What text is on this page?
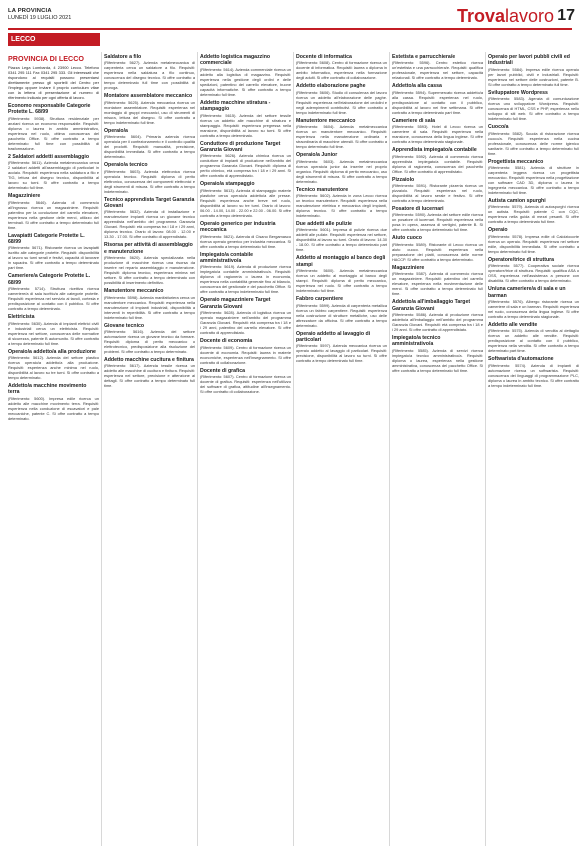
LA PROVINCIA
LUNEDÌ 19 LUGLIO 2021	Trovalavoro 17
LECCO
PROVINCIA DI LECCO
Piazza Lega Lombarda, 4 23900 Lecco. Telefono 0341 295 111 Fax 0341 295 333. Gli interessati che rispondono ai requisiti possono presentarsi direttamente presso gli sportelli del Centro per l'impiego oppure inviare il proprio curriculum vitae con la lettera di presentazione al numero di riferimento indicato per ogni offerta di lavoro.
Economo responsabile Categorie Protette L. 68/99

(Riferimento: 5938). Struttura residenziale per anziani ricerca un economo responsabile. Requisiti: diploma o laurea in ambito amministrativo, esperienza nel ruolo, ottima conoscenza del pacchetto Office. Si offre contratto a tempo determinato full time con possibilità di trasformazione.

2 Saldatori addetti assemblaggio

(Riferimento: 5611). Azienda metalmeccanica cerca 2 saldatori addetti all'assemblaggio di particolari in acciaio. Requisiti: esperienza nella saldatura a filo e TIG, lettura del disegno tecnico, disponibilità al lavoro su turni. Si offre contratto a tempo determinato full time.

Magazziniere

(Riferimento: 5646). Azienda di commercio all'ingrosso ricerca un magazziniere. Requisiti: patentino per la conduzione del carrello elevatore, esperienza nella gestione delle merci, utilizzo dei terminali. Si offre contratto a tempo determinato full time.

Lavapiatti Categorie Protette L. 68/99

(Riferimento: 5671). Ristorante ricerca un lavapiatti iscritto alle categorie protette. Requisiti: disponibilità al lavoro su turni serali e festivi, capacità di lavorare in squadra. Si offre contratto a tempo determinato part time.

Cameriere/a Categorie Protette L. 68/99

(Riferimento: 5714). Struttura ricettiva ricerca cameriere/a di sala iscritto/a alle categorie protette. Requisiti: esperienza nel servizio ai tavoli, cortesia e predisposizione al contatto con il pubblico. Si offre contratto a tempo determinato.

Elettricista

(Riferimento: 5630). Azienda di impianti elettrici civili e industriali cerca un elettricista. Requisiti: esperienza nel settore, conoscenza delle normative di sicurezza, patente B automunito. Si offre contratto a tempo determinato full time.

Operaio/a addetto/a alla produzione

(Riferimento: 5612). Azienda del settore plastico ricerca operaio/a addetto/a alla produzione. Requisiti: esperienza anche minima nel ruolo, disponibilità al lavoro su tre turni. Si offre contratto a tempo determinato.

Addetto/a macchine movimento terra

(Riferimento: 5600). Impresa edile ricerca un addetto alle macchine movimento terra. Requisiti: esperienza nella conduzione di escavatori e pale meccaniche, patente C. Si offre contratto a tempo determinato.

Saldatore a filo

(Riferimento: 5627). Azienda metalmeccanica di carpenteria cerca un saldatore a filo. Requisiti: esperienza nella saldatura a filo continuo, conoscenza del disegno tecnico. Si offre contratto a tempo determinato full time con possibilità di proroga.

Montatore assemblatore meccanico

(Riferimento: 5625). Azienda meccanica ricerca un montatore assemblatore. Requisiti: esperienza nel montaggio di gruppi meccanici, uso di strumenti di misura, lettura del disegno. Si offre contratto a tempo indeterminato full time.

Operaio/a

(Riferimento: 5604). Primaria azienda ricerca operaio/a per il confezionamento e il controllo qualità dei prodotti. Requisiti: manualità, precisione, disponibilità immediata. Si offre contratto a tempo determinato.

Operaio/a tecnico

(Riferimento: 5603). Azienda elettronica ricerca operaio/a tecnico. Requisiti: diploma di perito elettronico, conoscenza dei componenti elettronici e degli strumenti di misura. Si offre contratto a tempo indeterminato.

Tecnico apprendista Target Garanzia Giovani

(Riferimento: 5632). Azienda di installazione e manutenzione impianti ricerca un giovane tecnico apprendista nell'ambito del programma Garanzia Giovani. Requisiti: età compresa tra i 18 e i 29 anni, diploma tecnico. Orario di lavoro: 08.00 - 12.00 e 13.30 - 17.00. Si offre contratto di apprendistato.

Risorsa per attività di assemblaggio e manutenzione

(Riferimento: 5620). Azienda specializzata nella produzione di macchine ricerca una risorsa da inserire nel reparto assemblaggio e manutenzione. Requisiti: diploma tecnico, esperienza minima nel settore. Si offre contratto a tempo determinato con possibilità di inserimento definitivo.

Manutentore meccanico

(Riferimento: 5598). Azienda manifatturiera cerca un manutentore meccanico. Requisiti: esperienza nella manutenzione di impianti industriali, disponibilità a interventi in reperibilità. Si offre contratto a tempo indeterminato full time.

Giovane tecnico

(Riferimento: 5616). Azienda del settore automazione ricerca un giovane tecnico da formare. Requisiti: diploma di perito meccanico o elettrotecnico, predisposizione alla risoluzione dei problemi. Si offre contratto a tempo determinato.

Addetto macchine cucitura e finitura

(Riferimento: 5617). Azienda tessile ricerca un addetto alle macchine di cucitura e finitura. Requisiti: esperienza nel settore, precisione e attenzione ai dettagli. Si offre contratto a tempo determinato full time.

Addetto logistica magazzino commerciale

(Riferimento: 5614). Azienda commerciale ricerca un addetto alla logistica di magazzino. Requisiti: esperienza nella gestione degli ordini e delle spedizioni, patentino del carrello elevatore, buone capacità informatiche. Si offre contratto a tempo determinato full time.

Addetto macchine stiratura - stampaggio

(Riferimento: 5615). Azienda del settore tessile ricerca un addetto alle macchine di stiratura e stampaggio. Requisiti: esperienza pregressa nella mansione, disponibilità al lavoro su turni. Si offre contratto a tempo determinato.

Conduttore di produzione Target Garanzia Giovani

(Riferimento: 5626). Azienda chimica ricerca un conduttore di impianti di produzione nell'ambito del programma Garanzia Giovani. Requisiti: diploma di perito chimico, età compresa tra i 18 e i 29 anni. Si offre contratto di apprendistato.

Operaio/a stampaggio

(Riferimento: 5613). Azienda di stampaggio materie plastiche cerca operaio/a addetto/a alle presse. Requisiti: esperienza anche breve nel ruolo, disponibilità al lavoro su tre turni. Orario di lavoro: 06.00 - 14.00, 14.00 - 22.00 e 22.00 - 06.00. Si offre contratto a tempo determinato.

Operaio generico per industria meccanica

(Riferimento: 5621). Azienda di Cisano Bergamasco ricerca operaio generico per industria meccanica. Si offre contratto a tempo determinato full time.

Impiegato/a contabile amministrativo/a

(Riferimento: 5619). Azienda di produzione ricerca impiegato/a contabile amministrativo/a. Requisiti: diploma di ragioneria o laurea in economia, esperienza nella contabilità generale fino al bilancio, conoscenza del gestionale e del pacchetto Office. Si offre contratto a tempo indeterminato full time.

Operaio magazziniere Target Garanzia Giovani

(Riferimento: 5628). Azienda di logistica ricerca un operaio magazziniere nell'ambito del programma Garanzia Giovani. Requisiti: età compresa tra i 18 e i 29 anni, patentino del carrello elevatore. Si offre contratto di apprendistato.

Docente di economia

(Riferimento: 5609). Centro di formazione ricerca un docente di economia. Requisiti: laurea in materie economiche, esperienza nell'insegnamento. Si offre contratto di collaborazione.

Docente di grafica

(Riferimento: 5607). Centro di formazione ricerca un docente di grafica. Requisiti: esperienza nell'utilizzo dei software di grafica, attitudine all'insegnamento. Si offre contratto di collaborazione.

Docente di informatica

(Riferimento: 5608). Centro di formazione ricerca un docente di informatica. Requisiti: laurea o diploma in ambito informatico, esperienza nella formazione degli adulti. Si offre contratto di collaborazione.

Addetto elaborazione paghe

(Riferimento: 5606). Studio di consulenza del lavoro ricerca un addetto all'elaborazione delle paghe. Requisiti: esperienza nell'elaborazione dei cedolini e negli adempimenti contributivi. Si offre contratto a tempo indeterminato full time.

Manutentore meccanico

(Riferimento: 5604). Azienda metalmeccanica ricerca un manutentore meccanico. Requisiti: esperienza nella manutenzione ordinaria e straordinaria di macchine utensili. Si offre contratto a tempo determinato full time.

Operaio/a Junior

(Riferimento: 5603). Azienda metalmeccanica ricerca operaio/a junior da inserire nel proprio organico. Requisiti: diploma di perito meccanico, uso degli strumenti di misura. Si offre contratto a tempo determinato.

Tecnico manutentore

(Riferimento: 5602). Azienda in zona Lecco ricerca un tecnico manutentore. Requisiti: esperienza nella manutenzione elettrica e meccanica degli impianti, diploma tecnico. Si offre contratto a tempo indeterminato.

Due addetti alle pulizie

(Riferimento: 5601). Impresa di pulizie ricerca due addetti alle pulizie. Requisiti: esperienza nel settore, disponibilità al lavoro su turni. Orario di lavoro: 14.30 - 18.00. Si offre contratto a tempo determinato part time.

Addetto al montaggio al banco degli stampi

(Riferimento: 5600). Azienda metalmeccanica ricerca un addetto al montaggio al banco degli stampi. Requisiti: diploma di perito meccanico, esperienza nel ruolo. Si offre contratto a tempo indeterminato full time.

Fabbro carpentiere

(Riferimento: 5599). Azienda di carpenteria metallica ricerca un fabbro carpentiere. Requisiti: esperienza nella costruzione di strutture metalliche, uso delle attrezzature da officina. Si offre contratto a tempo determinato.

Operaio addetto al lavaggio di particolari

(Riferimento: 5597). Azienda meccanica ricerca un operaio addetto al lavaggio di particolari. Requisiti: precisione, disponibilità al lavoro su turni. Si offre contratto a tempo determinato full time.

Estetista e parrucchiera/e

(Riferimento: 5596). Centro estetico ricerca un'estetista e una parrucchiera/e. Requisiti: qualifica professionale, esperienza nel settore, capacità relazionali. Si offre contratto a tempo determinato.

Addetto/a alla cassa

(Riferimento: 5594). Supermercato ricerca addetto/a alla cassa. Requisiti: esperienza nel ruolo, predisposizione al contatto con il pubblico, disponibilità al lavoro nei fine settimana. Si offre contratto a tempo determinato part time.

Cameriere di sala

(Riferimento: 5593). Hotel di Lecco ricerca un cameriere di sala. Requisiti: esperienza nella mansione, conoscenza della lingua inglese. Si offre contratto a tempo determinato stagionale.

Apprendista impiegato/a contabile

(Riferimento: 5592). Azienda di commercio ricerca apprendista impiegato/a contabile. Requisiti: diploma di ragioneria, conoscenza del pacchetto Office. Si offre contratto di apprendistato.

Pizzaiolo

(Riferimento: 5591). Ristorante pizzeria ricerca un pizzaiolo. Requisiti: esperienza nel ruolo, disponibilità al lavoro serale e festivo. Si offre contratto a tempo determinato.

Posatore di lucernari

(Riferimento: 5590). Azienda del settore edile ricerca un posatore di lucernari. Requisiti: esperienza nella posa in opera, assenza di vertigini, patente B. Si offre contratto a tempo determinato full time.

Aiuto cuoco

(Riferimento: 5589). Ristorante di Lecco ricerca un aiuto cuoco. Requisiti: esperienza nella preparazione dei piatti, conoscenza delle norme HACCP. Si offre contratto a tempo determinato.

Magazziniere

(Riferimento: 5587). Azienda di commercio ricerca un magazziniere. Requisiti: patentino del carrello elevatore, esperienza nella movimentazione delle merci. Si offre contratto a tempo determinato full time.

Addetto/a all'imballaggio Target Garanzia Giovani

(Riferimento: 5586). Azienda di produzione ricerca addetto/a all'imballaggio nell'ambito del programma Garanzia Giovani. Requisiti: età compresa tra i 18 e i 29 anni. Si offre contratto di apprendistato.

Impiegato/a tecnico amministrativo/a

(Riferimento: 5585). Azienda di servizi ricerca impiegato/a tecnico amministrativo/a. Requisiti: diploma o laurea, esperienza nella gestione amministrativa, conoscenza del pacchetto Office. Si offre contratto a tempo determinato full time.

Operaio per lavori pubbli civili ed industriali

(Riferimento: 5584). Impresa edile ricerca operaio per lavori pubblici, civili e industriali. Requisiti: esperienza nel settore delle costruzioni, patente B. Si offre contratto a tempo determinato full time.

Sviluppatore Wordpress

(Riferimento: 5583). Agenzia di comunicazione ricerca uno sviluppatore Wordpress. Requisiti: conoscenza di HTML, CSS e PHP, esperienza nello sviluppo di siti web. Si offre contratto a tempo indeterminato full time.

Cuoco/a

(Riferimento: 5582). Scuola di ristorazione ricerca cuoco/a. Requisiti: esperienza nella cucina professionale, conoscenza delle norme igienico sanitarie. Si offre contratto a tempo determinato full time.

Progettista meccanico

(Riferimento: 5581). Azienda di strutture in carpenteria leggera ricerca un progettista meccanico. Requisiti: esperienza nella progettazione con software CAD 3D, diploma o laurea in ingegneria meccanica. Si offre contratto a tempo indeterminato full time.

Autista camion spurghi

(Riferimento: 5579). Azienda di autospurghi ricerca un autista. Requisiti: patente C con CQC, esperienza nella guida di mezzi pesanti. Si offre contratto a tempo determinato full time.

Operaio

(Riferimento: 5578). Impresa edile di Calolziocorte ricerca un operaio. Requisiti: esperienza nel settore edile, disponibilità immediata. Si offre contratto a tempo determinato full time.

Operatore/trice di struttura

(Riferimento: 5577). Cooperativa sociale ricerca operatore/trice di struttura. Requisiti: qualifica ASA o OSS, esperienza nell'assistenza a persone con disabilità. Si offre contratto a tempo determinato.

Un/una cameriere/a di sala e un barman

(Riferimento: 5576). Albergo ristorante ricerca un cameriere di sala e un barman. Requisiti: esperienza nel ruolo, conoscenza della lingua inglese. Si offre contratto a tempo determinato stagionale.

Addetto alle vendite

(Riferimento: 5575). Azienda di vendita al dettaglio ricerca un addetto alle vendite. Requisiti: predisposizione al contatto con il pubblico, esperienza nella vendita. Si offre contratto a tempo determinato part time.

Softwarista d'automazione

(Riferimento: 5574). Azienda di impianti di automazione ricerca un softwarista. Requisiti: conoscenza dei linguaggi di programmazione PLC, diploma o laurea in ambito tecnico. Si offre contratto a tempo indeterminato full time.
